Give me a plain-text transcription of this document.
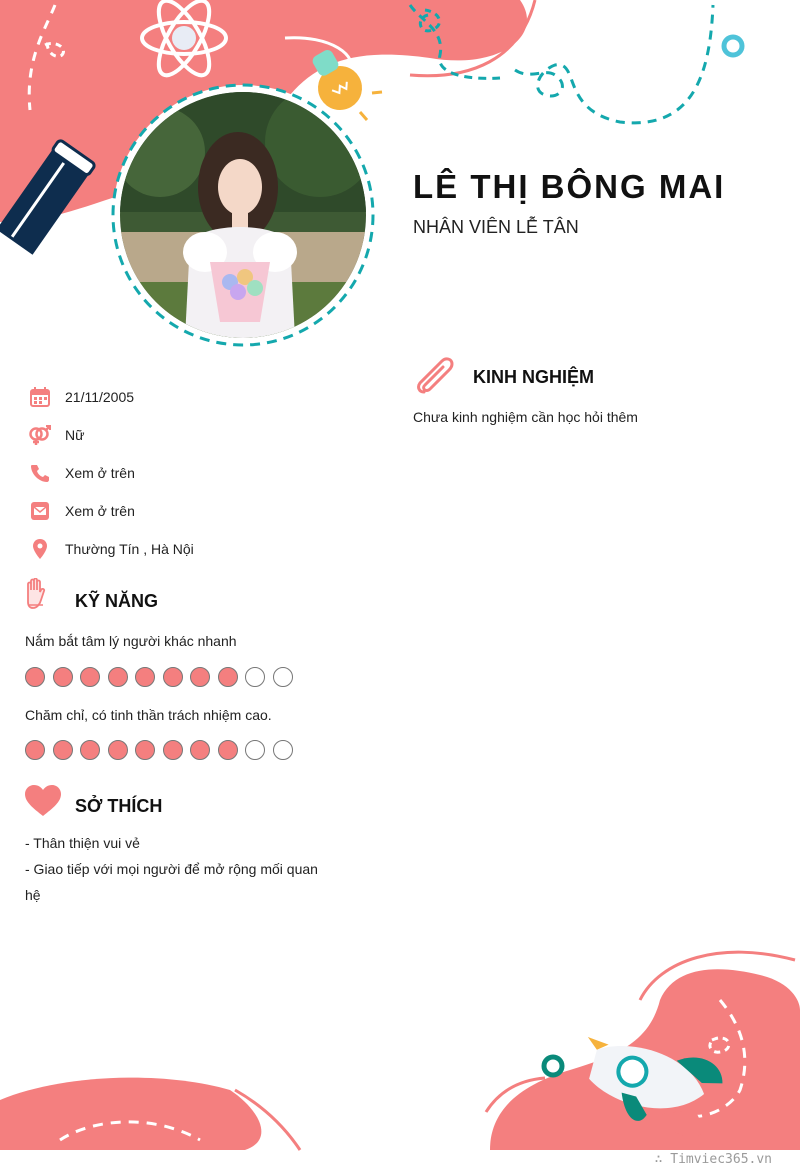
LÊ THỊ BÔNG MAI

NHÂN VIÊN LỄ TÂN

21/11/2005
Nữ
Xem ở trên
Xem ở trên
Thường Tín , Hà Nội
KỸ NĂNG
Nắm bắt tâm lý người khác nhanh
Chăm chỉ, có tinh thần trách nhiệm cao.
SỞ THÍCH
- Thân thiện vui vẻ
- Giao tiếp với mọi người để mở rộng mối quan hệ
KINH NGHIỆM
Chưa kinh nghiệm cần học hỏi thêm
∴ Timviec365.vn
